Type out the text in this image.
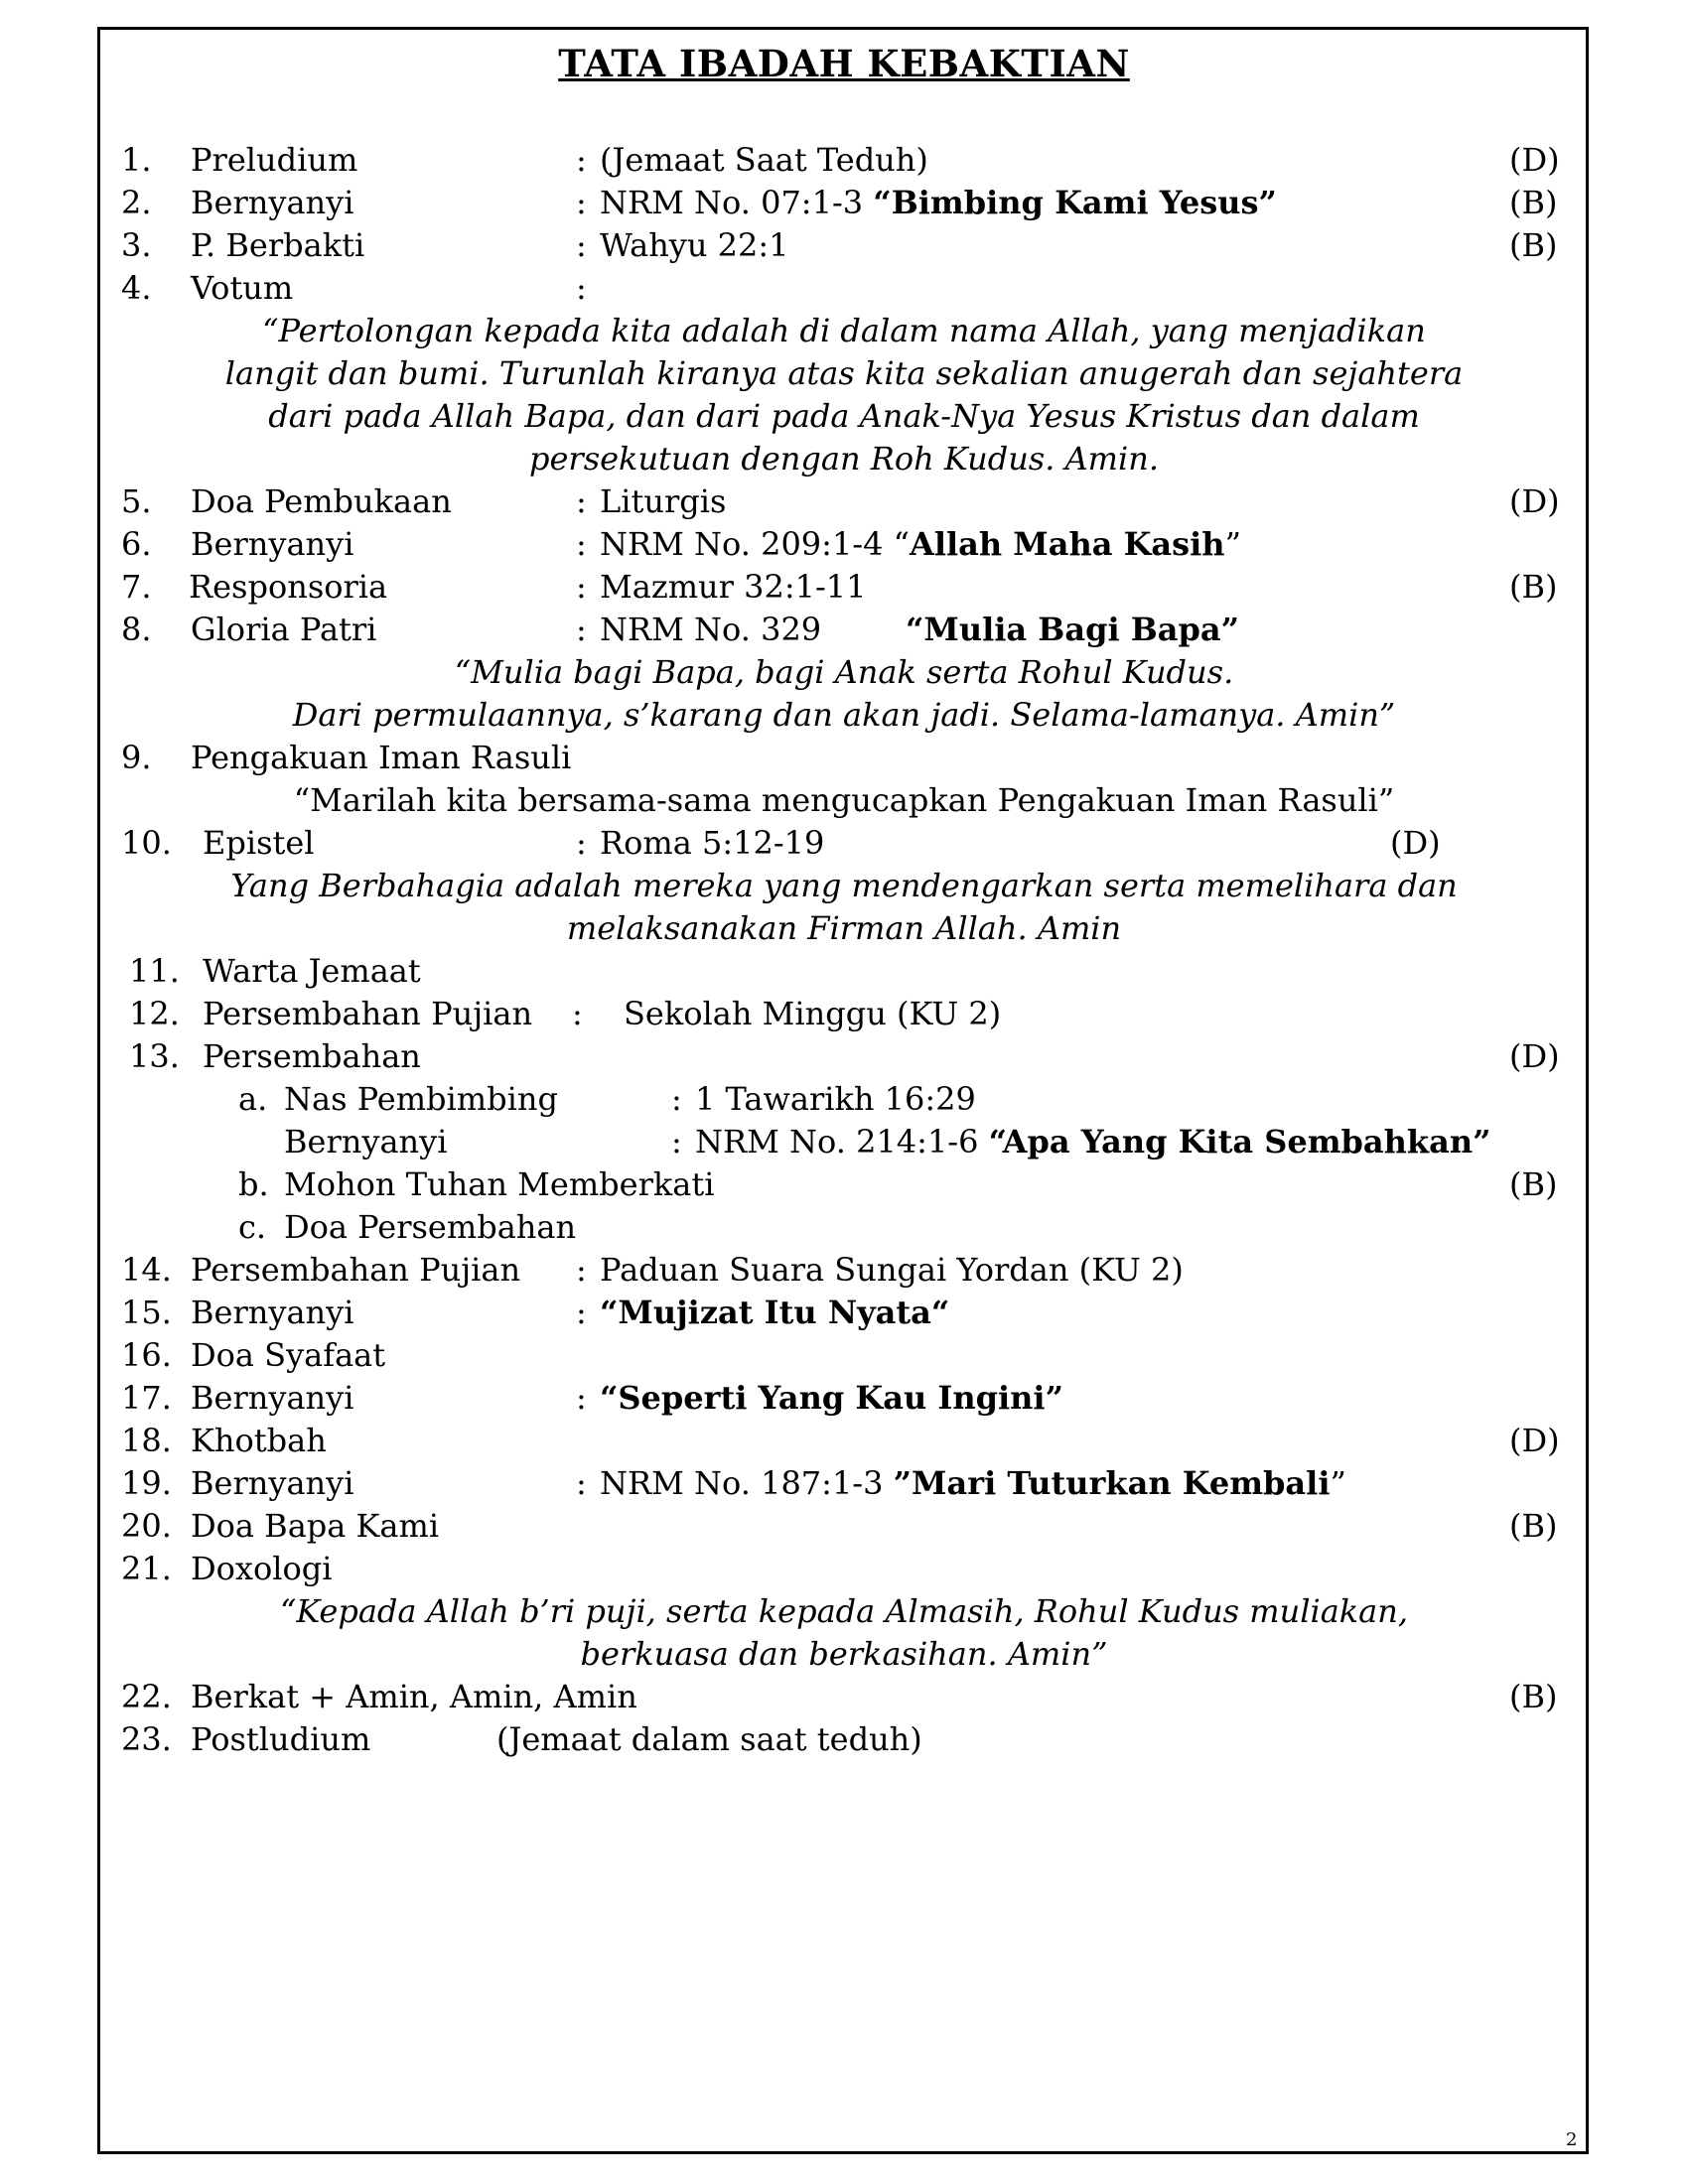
TATA IBADAH KEBAKTIAN
1. Preludium	: (Jemaat Saat Teduh)	(D)
2. Bernyanyi	: NRM No. 07:1-3 “Bimbing Kami Yesus”	(B)
3. P. Berbakti	: Wahyu 22:1	(B)
4. Votum	:
“Pertolongan kepada kita adalah di dalam nama Allah, yang menjadikan
langit dan bumi. Turunlah kiranya atas kita sekalian anugerah dan sejahtera
dari pada Allah Bapa, dan dari pada Anak-Nya Yesus Kristus dan dalam
persekutuan dengan Roh Kudus. Amin.
5. Doa Pembukaan	: Liturgis	(D)
6. Bernyanyi	: NRM No. 209:1-4 “Allah Maha Kasih”
7. Responsoria	: Mazmur 32:1-11	(B)
8. Gloria Patri	: NRM No. 329	“Mulia Bagi Bapa”
“Mulia bagi Bapa, bagi Anak serta Rohul Kudus.
Dari permulaannya, s’karang dan akan jadi. Selama-lamanya. Amin”
9. Pengakuan Iman Rasuli
“Marilah kita bersama-sama mengucapkan Pengakuan Iman Rasuli”
10. Epistel	: Roma 5:12-19	(D)
Yang Berbahagia adalah mereka yang mendengarkan serta memelihara dan
melaksanakan Firman Allah. Amin
11. Warta Jemaat
12. Persembahan Pujian : Sekolah Minggu (KU 2)
13. Persembahan	(D)
a. Nas Pembimbing	: 1 Tawarikh 16:29
Bernyanyi	: NRM No. 214:1-6 “Apa Yang Kita Sembahkan”
b. Mohon Tuhan Memberkati	(B)
c. Doa Persembahan
14. Persembahan Pujian : Paduan Suara Sungai Yordan (KU 2)
15. Bernyanyi	: “Mujizat Itu Nyata“
16. Doa Syafaat
17. Bernyanyi	: “Seperti Yang Kau Ingini”
18. Khotbah	(D)
19. Bernyanyi	: NRM No. 187:1-3 ”Mari Tuturkan Kembali”
20. Doa Bapa Kami	(B)
21. Doxologi
“Kepada Allah b’ri puji, serta kepada Almasih, Rohul Kudus muliakan,
berkuasa dan berkasihan. Amin”
22. Berkat + Amin, Amin, Amin	(B)
23. Postludium	(Jemaat dalam saat teduh)
2
